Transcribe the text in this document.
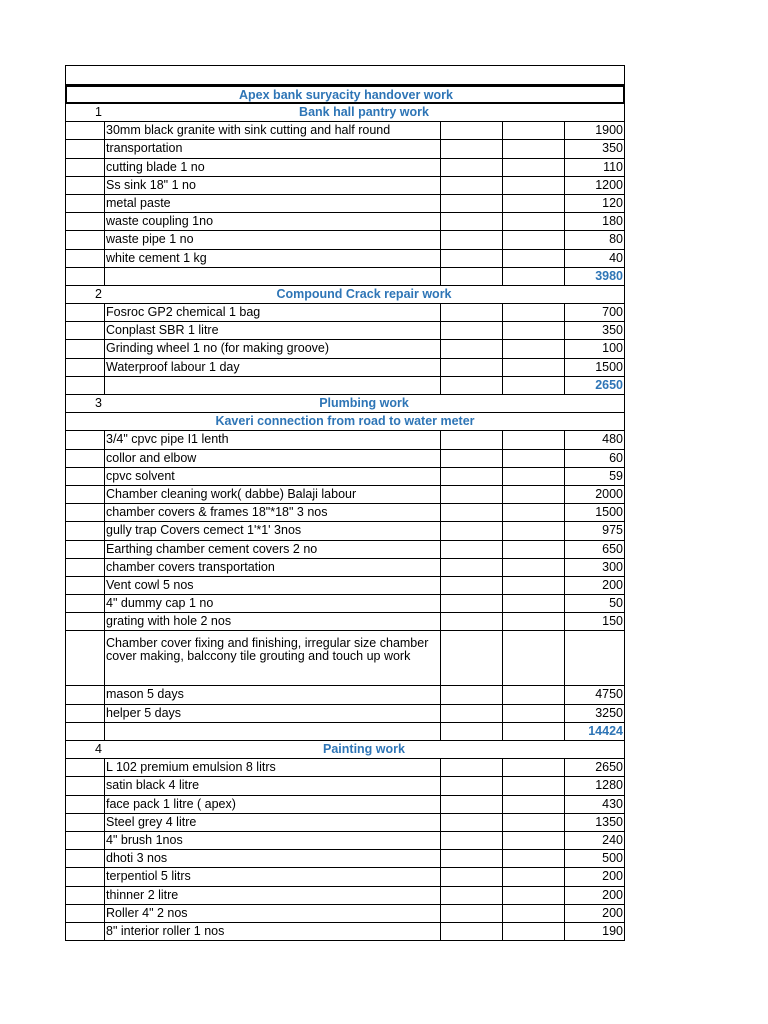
Apex bank suryacity handover work
1	Bank hall pantry work
30mm black granite with sink cutting and half round	1900
transportation	350
cutting blade 1 no	110
Ss sink 18" 1 no	1200
metal paste	120
waste coupling 1no	180
waste pipe 1 no	80
white cement 1 kg	40
3980
2	Compound Crack repair work
Fosroc GP2 chemical 1 bag	700
Conplast SBR 1 litre	350
Grinding wheel 1 no (for making groove)	100
Waterproof labour 1 day	1500
2650
3	Plumbing work
Kaveri connection from road to water meter
3/4" cpvc pipe I1 lenth	480
collor and elbow	60
cpvc solvent	59
Chamber cleaning work( dabbe) Balaji labour	2000
chamber covers & frames 18"*18" 3 nos	1500
gully trap Covers cemect 1'*1' 3nos	975
Earthing chamber cement covers 2 no	650
chamber covers transportation	300
Vent cowl 5 nos	200
4" dummy cap 1 no	50
grating with hole 2 nos	150
Chamber cover fixing and finishing, irregular size chamber cover making, balccony tile grouting and touch up work
mason 5 days	4750
helper 5 days	3250
14424
4	Painting work
L 102 premium emulsion 8 litrs	2650
satin black 4 litre	1280
face pack 1 litre ( apex)	430
Steel grey 4 litre	1350
4" brush 1nos	240
dhoti 3 nos	500
terpentiol 5 litrs	200
thinner 2 litre	200
Roller 4" 2 nos	200
8" interior roller 1 nos	190
